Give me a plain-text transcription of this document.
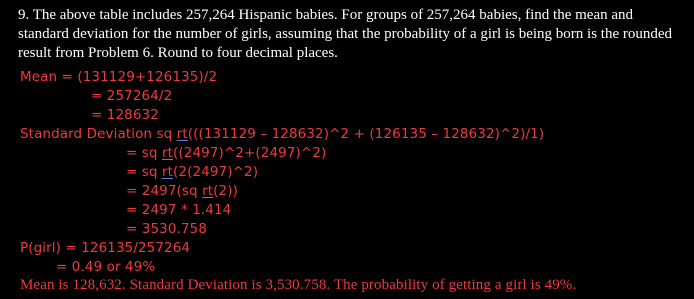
9. The above table includes 257,264 Hispanic babies. For groups of 257,264 babies, find the mean and standard deviation for the number of girls, assuming that the probability of a girl is being born is the rounded result from Problem 6. Round to four decimal places.

Mean = (131129+126135)/2

= 257264/2

= 128632

Standard Deviation sq rt(((131129 – 128632)^2 + (126135 – 128632)^2)/1)

= sq rt((2497)^2+(2497)^2)

= sq rt(2(2497)^2)

= 2497(sq rt(2))

= 2497 * 1.414

= 3530.758

P(girl) = 126135/257264

= 0.49 or 49%

Mean is 128,632. Standard Deviation is 3,530.758. The probability of getting a girl is 49%.
